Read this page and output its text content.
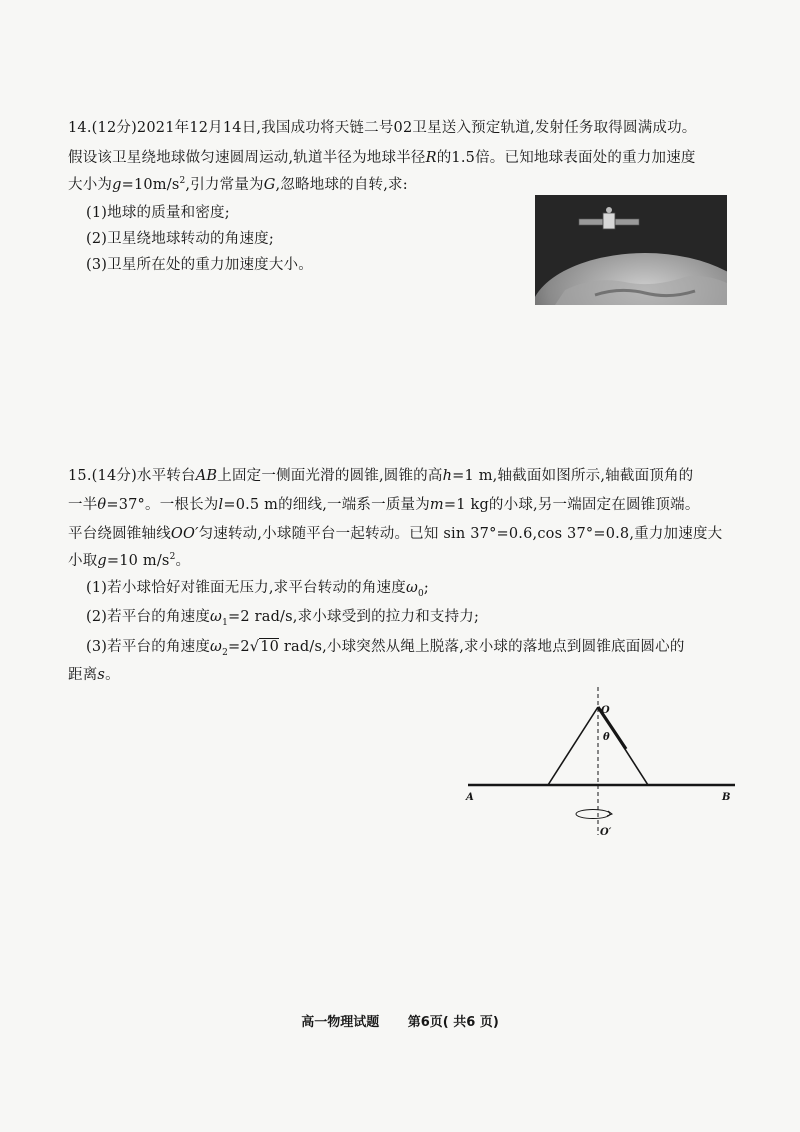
14.(12分)2021年12月14日,我国成功将天链二号02卫星送入预定轨道,发射任务取得圆满成功。
假设该卫星绕地球做匀速圆周运动,轨道半径为地球半径R的1.5倍。已知地球表面处的重力加速度
大小为$g=10m/s^2$,引力常量为G,忽略地球的自转,求:
(1)地球的质量和密度;
(2)卫星绕地球转动的角速度;
(3)卫星所在处的重力加速度大小。
15.(14分)水平转台AB上固定一侧面光滑的圆锥,圆锥的高h=1 m,轴截面如图所示,轴截面顶角的
一半θ=37°。一根长为l=0.5 m的细线,一端系一质量为m=1 kg的小球,另一端固定在圆锥顶端。
平台绕圆锥轴线OO′匀速转动,小球随平台一起转动。已知 sin 37°=0.6,cos 37°=0.8,重力加速度大
小取g=10 $m/s^2$。
(1)若小球恰好对锥面无压力,求平台转动的角速度$\omega_0$;
(2)若平台的角速度$\omega_1=2$ rad/s,求小球受到的拉力和支持力;
(3)若平台的角速度$\omega_2=2√10$ rad/s,小球突然从绳上脱落,求小球的落地点到圆锥底面圆心的
距离s。
O
θ
A	B
O′
高一物理试题 第6页( 共6 页)
